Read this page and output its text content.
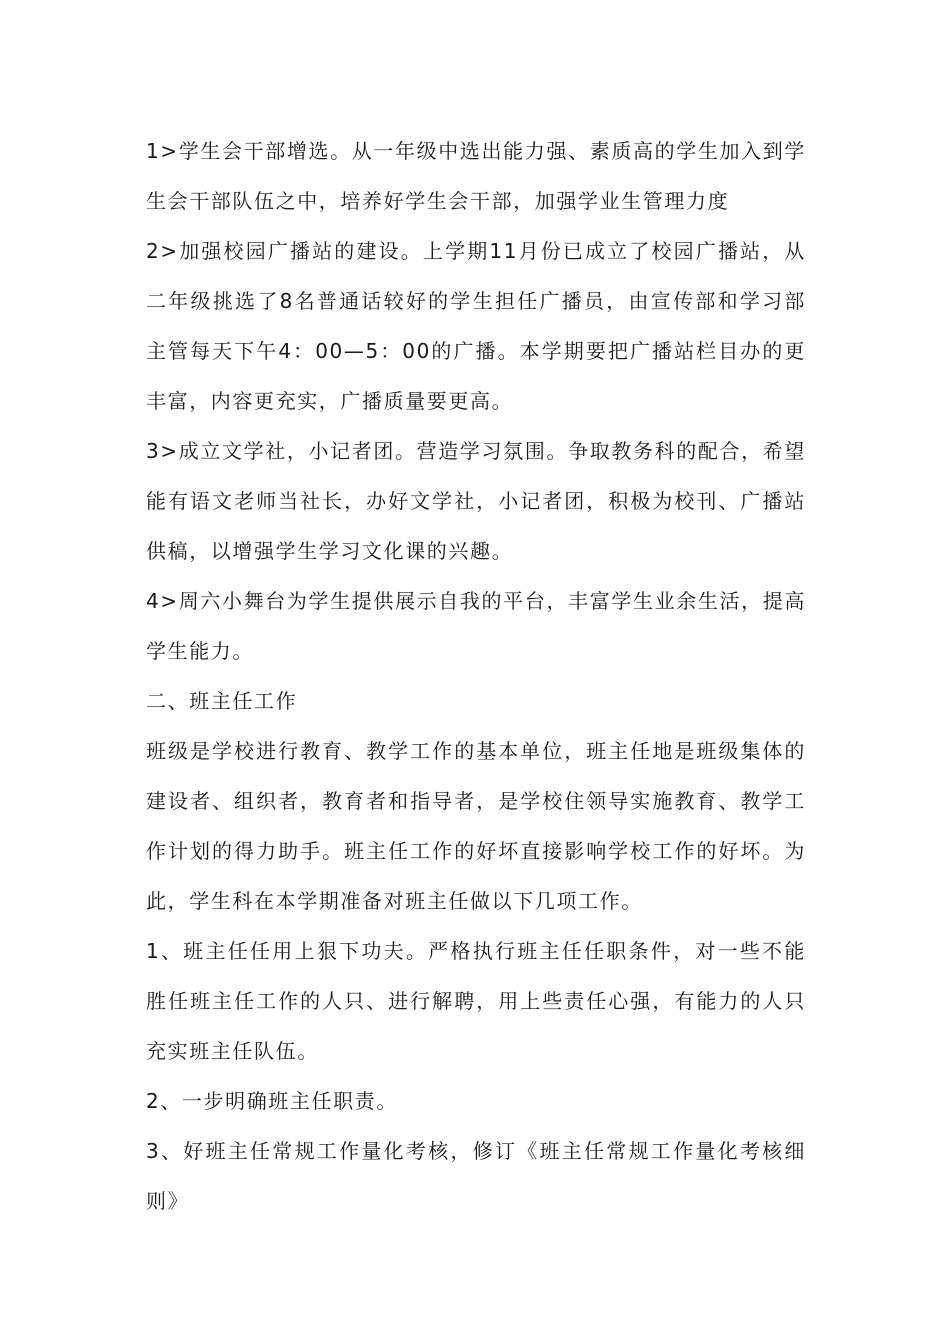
1>学生会干部增选。从一年级中选出能力强、素质高的学生加入到学生会干部队伍之中，培养好学生会干部，加强学业生管理力度

2>加强校园广播站的建设。上学期11月份已成立了校园广播站，从二年级挑选了8名普通话较好的学生担任广播员，由宣传部和学习部主管每天下午4：00—5：00的广播。本学期要把广播站栏目办的更丰富，内容更充实，广播质量要更高。

3>成立文学社，小记者团。营造学习氛围。争取教务科的配合，希望能有语文老师当社长，办好文学社，小记者团，积极为校刊、广播站供稿，以增强学生学习文化课的兴趣。

4>周六小舞台为学生提供展示自我的平台，丰富学生业余生活，提高学生能力。

二、班主任工作

班级是学校进行教育、教学工作的基本单位，班主任地是班级集体的建设者、组织者，教育者和指导者，是学校住领导实施教育、教学工作计划的得力助手。班主任工作的好坏直接影响学校工作的好坏。为此，学生科在本学期准备对班主任做以下几项工作。

1、班主任任用上狠下功夫。严格执行班主任任职条件，对一些不能胜任班主任工作的人只、进行解聘，用上些责任心强，有能力的人只充实班主任队伍。

2、一步明确班主任职责。

3、好班主任常规工作量化考核，修订《班主任常规工作量化考核细则》
